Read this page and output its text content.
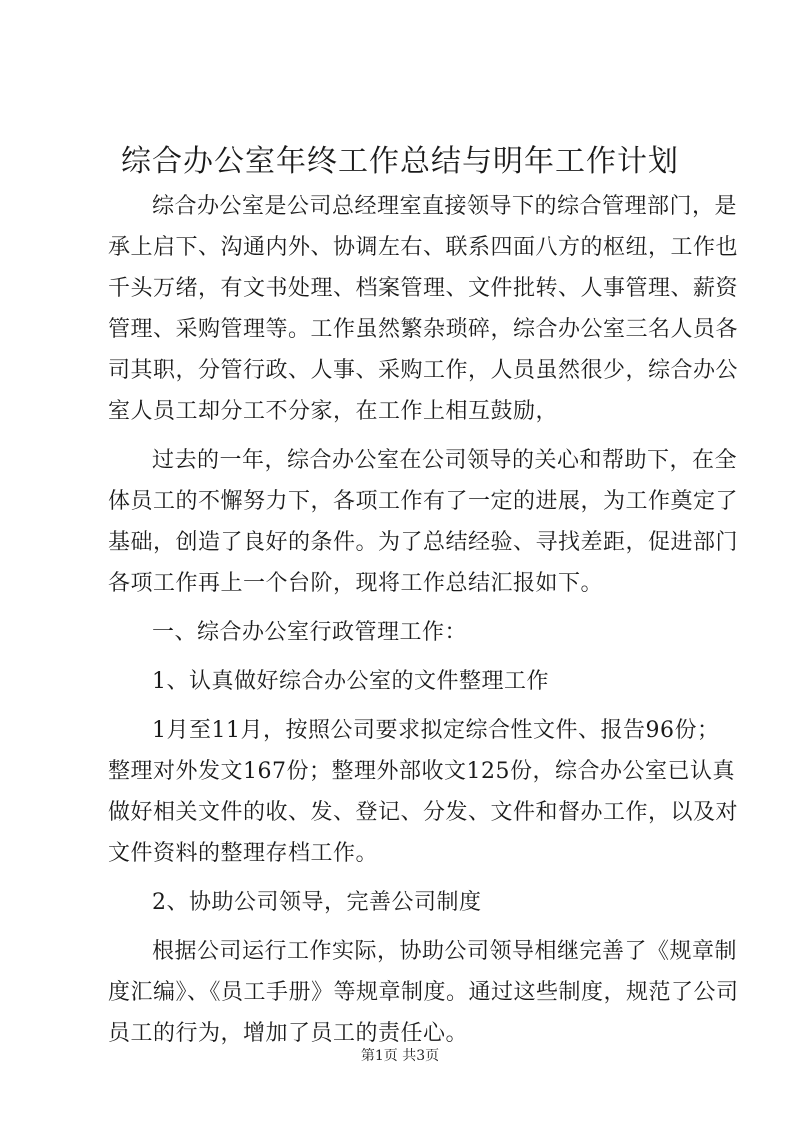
综合办公室年终工作总结与明年工作计划

综合办公室是公司总经理室直接领导下的综合管理部门，是

承上启下、沟通内外、协调左右、联系四面八方的枢纽，工作也

千头万绪，有文书处理、档案管理、文件批转、人事管理、薪资

管理、采购管理等。工作虽然繁杂琐碎，综合办公室三名人员各

司其职，分管行政、人事、采购工作，人员虽然很少，综合办公

室人员工却分工不分家，在工作上相互鼓励，

过去的一年，综合办公室在公司领导的关心和帮助下，在全

体员工的不懈努力下，各项工作有了一定的进展，为工作奠定了

基础，创造了良好的条件。为了总结经验、寻找差距，促进部门

各项工作再上一个台阶，现将工作总结汇报如下。

一、综合办公室行政管理工作：

1、认真做好综合办公室的文件整理工作

1月至11月，按照公司要求拟定综合性文件、报告96份；

整理对外发文167份；整理外部收文125份，综合办公室已认真

做好相关文件的收、发、登记、分发、文件和督办工作，以及对

文件资料的整理存档工作。

2、协助公司领导，完善公司制度

根据公司运行工作实际，协助公司领导相继完善了《规章制

度汇编》、《员工手册》等规章制度。通过这些制度，规范了公司

员工的行为，增加了员工的责任心。

第1页 共3页
